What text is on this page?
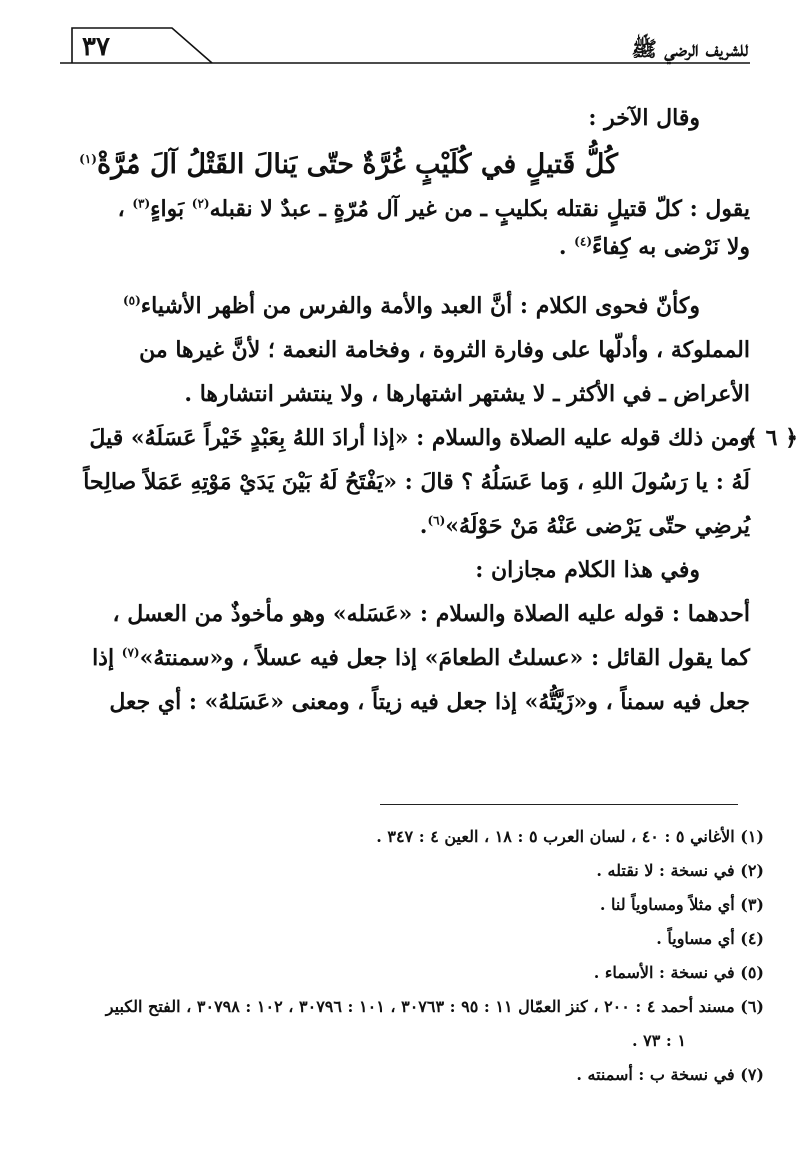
٣٧	للشريف الرضي ﷺ
وقال الآخر :
كُلُّ قَتيلٍ في كُلَيْبٍ غُرَّةٌ
حتّى يَنالَ القَتْلُ آلَ مُرَّةْ$^{(١)}$
يقول : كلّ قتيلٍ نقتله بكليبٍ ـ من غير آل مُرّةٍ ـ عبدٌ لا نقبله$^{(٢)}$ بَواءٍ$^{(٣)}$ ،
ولا نَرْضى به كِفاءً$^{(٤)}$ .
وكأنّ فحوى الكلام : أنَّ العبد والأمة والفرس من أظهر الأشياء$^{(٥)}$
المملوكة ، وأدلّها على وفارة الثروة ، وفخامة النعمة ؛ لأنَّ غيرها من
الأعراض ـ في الأكثر ـ لا يشتهر اشتهارها ، ولا ينتشر انتشارها .
﴿ ٦ ﴾
ومن ذلك قوله عليه الصلاة والسلام : «إذا أرادَ اللهُ بِعَبْدٍ خَيْراً عَسَلَهُ» قيلَ
لَهُ : يا رَسُولَ اللهِ ، وَما عَسَلُهُ ؟ قالَ : «يَفْتَحُ لَهُ بَيْنَ يَدَيْ مَوْتِهِ عَمَلاً صالِحاً
يُرضِي حتّى يَرْضى عَنْهُ مَنْ حَوْلَهُ»$^{(٦)}$.
وفي هذا الكلام مجازان :
أحدهما : قوله عليه الصلاة والسلام : «عَسَله» وهو مأخوذٌ من العسل ،
كما يقول القائل : «عسلتُ الطعامَ» إذا جعل فيه عسلاً ، و«سمنتهُ»$^{(٧)}$ إذا
جعل فيه سمناً ، و«زَيَّتُّهُ» إذا جعل فيه زيتاً ، ومعنى «عَسَلهُ» : أي جعل
(١) الأغاني ٥ : ٤٠ ، لسان العرب ٥ : ١٨ ، العين ٤ : ٣٤٧ .
(٢) في نسخة : لا نقتله .
(٣) أي مثلاً ومساوياً لنا .
(٤) أي مساوياً .
(٥) في نسخة : الأسماء .
(٦) مسند أحمد ٤ : ٢٠٠ ، كنز العمّال ١١ : ٩٥ : ٣٠٧٦٣ ، ١٠١ : ٣٠٧٩٦ ، ١٠٢ : ٣٠٧٩٨ ، الفتح الكبير
١ : ٧٣ .
(٧) في نسخة ب : أسمنته .
